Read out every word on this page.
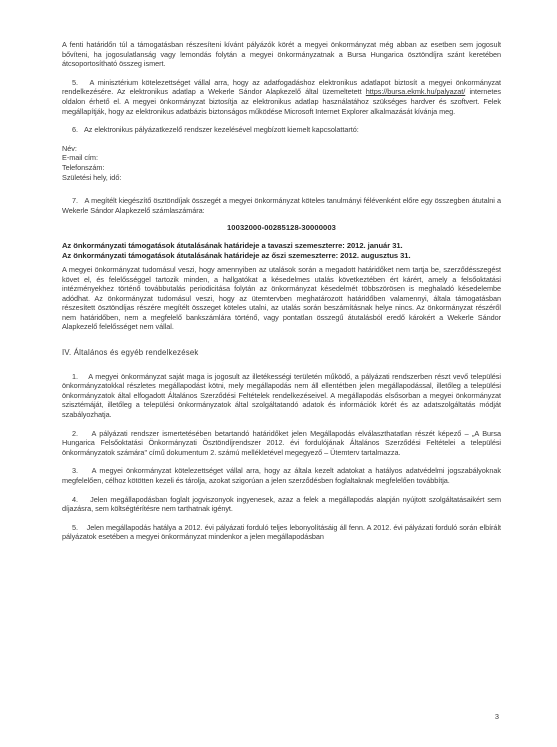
A fenti határidőn túl a támogatásban részesíteni kívánt pályázók körét a megyei önkormányzat még abban az esetben sem jogosult bővíteni, ha jogosulatlanság vagy lemondás folytán a megyei önkormányzatnak a Bursa Hungarica ösztöndíjra szánt keretében átcsoportosítható összeg ismert.

5. A minisztérium kötelezettséget vállal arra, hogy az adatfogadáshoz elektronikus adatlapot biztosít a megyei önkormányzat rendelkezésére. Az elektronikus adatlap a Wekerle Sándor Alapkezelő által üzemeltetett https://bursa.ekmk.hu/palyazat/ internetes oldalon érhető el. A megyei önkormányzat biztosítja az elektronikus adatlap használatához szükséges hardver és szoftvert. Felek megállapítják, hogy az elektronikus adatbázis biztonságos működése Microsoft Internet Explorer alkalmazását kívánja meg.

6. Az elektronikus pályázatkezelő rendszer kezelésével megbízott kiemelt kapcsolattartó:

Név:

E-mail cím:

Telefonszám:

Születési hely, idő:

7. A megítélt kiegészítő ösztöndíjak összegét a megyei önkormányzat köteles tanulmányi félévenként előre egy összegben átutalni a Wekerle Sándor Alapkezelő számlaszámára:

10032000-00285128-30000003

Az önkormányzati támogatások átutalásának határideje a tavaszi szemeszterre: 2012. január 31.

Az önkormányzati támogatások átutalásának határideje az őszi szemeszterre: 2012. augusztus 31.

A megyei önkormányzat tudomásul veszi, hogy amennyiben az utalások során a megadott határidőket nem tartja be, szerződésszegést követ el, és felelősséggel tartozik minden, a hallgatókat a késedelmes utalás következtében ért kárért, amely a felsőoktatási intézményekhez történő továbbutalás periodicitása folytán az önkormányzat késedelmét többszörösen is meghaladó késedelembe adódhat. Az önkormányzat tudomásul veszi, hogy az ütemtervben meghatározott határidőben valamennyi, általa támogatásban részesített ösztöndíjas részére megítélt összeget köteles utalni, az utalás során beszámításnak helye nincs. Az önkormányzat részéről nem határidőben, nem a megfelelő bankszámlára történő, vagy pontatlan összegű átutalásból eredő károkért a Wekerle Sándor Alapkezelő felelősséget nem vállal.

IV. Általános és egyéb rendelkezések

1. A megyei önkormányzat saját maga is jogosult az illetékességi területén működő, a pályázati rendszerben részt vevő települési önkormányzatokkal részletes megállapodást kötni, mely megállapodás nem áll ellentétben jelen megállapodással, illetőleg a települési önkormányzatok által elfogadott Általános Szerződési Feltételek rendelkezéseivel. A megállapodás elsősorban a megyei önkormányzat szisztémáját, illetőleg a települési önkormányzatok által szolgáltatandó adatok és információk körét és az adatszolgáltatás módját szabályozhatja.

2. A pályázati rendszer ismertetésében betartandó határidőket jelen Megállapodás elválaszthatatlan részét képező – „A Bursa Hungarica Felsőoktatási Önkormányzati Ösztöndíjrendszer 2012. évi fordulójának Általános Szerződési Feltételei a települési önkormányzatok számára" című dokumentum 2. számú mellékletével megegyező – Ütemterv tartalmazza.

3. A megyei önkormányzat kötelezettséget vállal arra, hogy az általa kezelt adatokat a hatályos adatvédelmi jogszabályoknak megfelelően, célhoz kötötten kezeli és tárolja, azokat szigorúan a jelen szerződésben foglaltaknak megfelelően továbbítja.

4. Jelen megállapodásban foglalt jogviszonyok ingyenesek, azaz a felek a megállapodás alapján nyújtott szolgáltatásaikért sem díjazásra, sem költségtérítésre nem tarthatnak igényt.

5. Jelen megállapodás hatálya a 2012. évi pályázati forduló teljes lebonyolításáig áll fenn. A 2012. évi pályázati forduló során elbírált pályázatok esetében a megyei önkormányzat mindenkor a jelen megállapodásban

3
